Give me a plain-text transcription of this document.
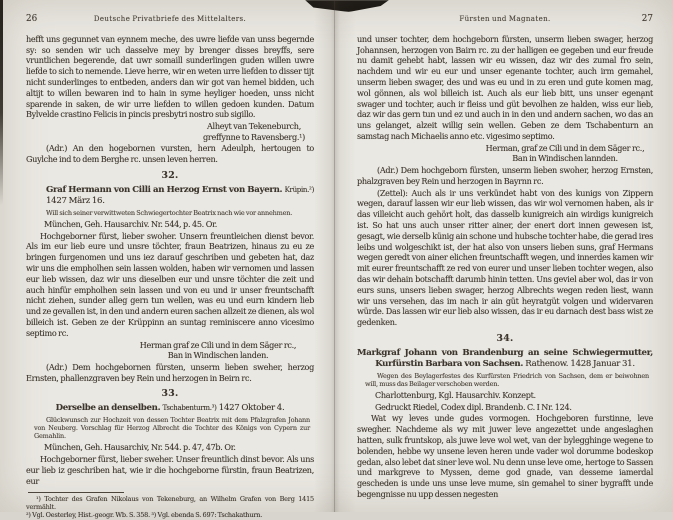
26	Deutsche Privatbriefe des Mittelalters.

hefft uns gegunnet van eynnem meche, des uwre liefde van unss begernde sy: so senden wir uch dasselve mey by brenger disses breyffs, sere vruntlichen begerende, dat uwr somaill sunderlingen guden willen uwre liefde to sich to nemende. Lieve herre, wir en weten urre liefden to disser tijt nicht sunderlinges to entbeden, anders dan wir got van hemel bidden, uch altijt to willen bewaren ind to hain in syme heyliger hoeden, unss nicht sparende in saken, de wir urre liefden to willen gedoen kunden. Datum Bylvelde crastino Felicis in pincis presbytri nostro sub sigillo.

Alheyt van Tekeneburch,
greffynne to Ravensberg.¹)

(Adr.) An den hogebornen vursten, hern Adeulph, hertougen to Guylche ind to dem Berghe rc. unsen leven herren.

32.
Graf Hermann von Cilli an Herzog Ernst von Bayern. Krüpin.²) 1427 März 16.

Will sich seiner verwittweten Schwiegertochter Beatrix nach wie vor annehmen.

München, Geh. Hausarchiv. Nr. 544, p. 45. Or.

Hochgeborner fürst, lieber swoher. Unsern freuntleichen dienst bevor. Als im eur lieb eure und unsre töchter, fraun Beatrizen, hinaus zu eu ze bringen furgenomen und uns iez darauf geschriben und gebeten hat, daz wir uns die empholhen sein lassen wolden, haben wir vernomen und lassen eur lieb wissen, daz wir uns dieselben eur und unsre töchter die zeit und auch hinfür empholhen sein lassen und von eu und ir unser freuntschafft nicht ziehen, sunder alleg gern tun wellen, was eu und eurn kindern lieb und ze gevallen ist, in den und andern euren sachen allzeit ze dienen, als wol billeich ist. Geben ze der Krüppinn an suntag reminiscere anno vicesimo septimo rc.

Herman graf ze Cili und in dem Säger rc.,
Ban in Windischen landen.

(Adr.) Dem hochgebornen fürsten, unserm lieben sweher, herzog Ernsten, phallenzgraven bey Rein und herzogen in Beirn rc.

33.
Derselbe an denselben. Tschabenturm.³) 1427 Oktober 4.

Glückwunsch zur Hochzeit von dessen Tochter Beatrix mit dem Pfalzgrafen Johann von Neuberg. Vorschlag für Herzog Albrecht die Tochter des Königs von Cypern zur Gemahlin.

München, Geh. Hausarchiv, Nr. 544. p. 47, 47b. Or.

Hochgeborner fürst, lieber sweher. Unser freuntlich dinst bevor. Als uns eur lieb iz geschriben hat, wie ir die hochgeborne fürstin, fraun Beatrizen, eur

¹) Tochter des Grafen Nikolaus von Tekeneburg, an Wilhelm Grafen von Berg 1415 vermählt.

²) Vgl. Oesterley, Hist.-geogr. Wb. S. 358. ³) Vgl. ebenda S. 697: Tschakathurn.

Fürsten und Magnaten.	27

und unser tochter, dem hochgeborn fürsten, unserm lieben swager, herzog Johannsen, herzogen von Bairn rc. zu der halligen ee gegeben und eur freude nu damit gehebt habt, lassen wir eu wissen, daz wir des zumal fro sein, nachdem und wir eu eur und unser egenante tochter, auch irm gemahel, unserm lieben swager, des und was eu und in zu eren und gute komen mag, wol gönnen, als wol billeich ist. Auch als eur lieb bitt, uns unser egenant swager und tochter, auch ir fleiss und güt bevolhen ze halden, wiss eur lieb, daz wir das gern tun und ez und auch in in den und andern sachen, wo das an uns gelanget, alzeit willig sein wellen. Geben ze dem Tschabenturn an samstag nach Michaelis anno etc. vigesimo septimo.

Herman, graf ze Cili und in dem Säger rc.,
Ban in Windischen lannden.

(Adr.) Dem hochgeborn fürsten, unserm lieben swoher, herzog Ernsten, phalzgraven bey Rein und herzogen in Bayrnn rc.

(Zettel): Auch als ir uns verkündet habt von des kunigs von Zippern wegen, darauf lassen wir eur lieb wissen, das wir wol vernomen haben, als ir das villeicht auch gehört holt, das dasselb kunigreich ain wirdigs kunigreich ist. So hat uns auch unser ritter ainer, der enert dort innen gewesen ist, gesagt, wie derselb künig ain schone und hubsche tochter habe, die gerad ires leibs und wolgeschikt ist, der hat also von unsers lieben suns, graf Hermans wegen geredt von ainer elichen freuntschafft wegen, und innerdes kamen wir mit eurer freuntschafft ze red von eurer und unser lieben tochter wegen, also das wir dehain botschafft darumb hinin tetten. Uns geviel aber wol, das ir von eurs suns, unsers lieben swager, herzog Albrechts wegen reden liest, wann wir uns versehen, das im nach ir ain güt heyratgüt volgen und widervaren würde. Das lassen wir eur lieb also wissen, das ir eu darnach dest bass wist ze gedenken.

34.
Markgraf Johann von Brandenburg an seine Schwiegermutter, Kurfürstin Barbara von Sachsen. Rathenow. 1428 Januar 31.

Wegen des Beylagerfestes des Kurfürsten Friedrich von Sachsen, dem er beiwohnen will, muss das Beilager verschoben werden.

Charlottenburg, Kgl. Hausarchiv. Konzept.

Gedruckt Riedel, Codex dipl. Brandenb. C. I Nr. 124.

Wat wy leves unde gudes vormogen. Hochgeboren furstinne, leve swegher. Nachdeme als wy mit juwer leve angezettet unde angeslaghen hatten, sulk fruntskop, als juwe leve wol wet, van der bylegghinge wegene to bolenden, hebbe wy unsene leven heren unde vader wol dorumme bodeskop gedan, also lebet dat siner leve wol. Nu denn unse leve ome, hertoge to Sassen und markgreve to Myssen, deme god gnade, van desseme iamerdal gescheden is unde uns unse leve mume, sin gemahel to siner bygrafft unde begengnisse nu upp dessen negesten
